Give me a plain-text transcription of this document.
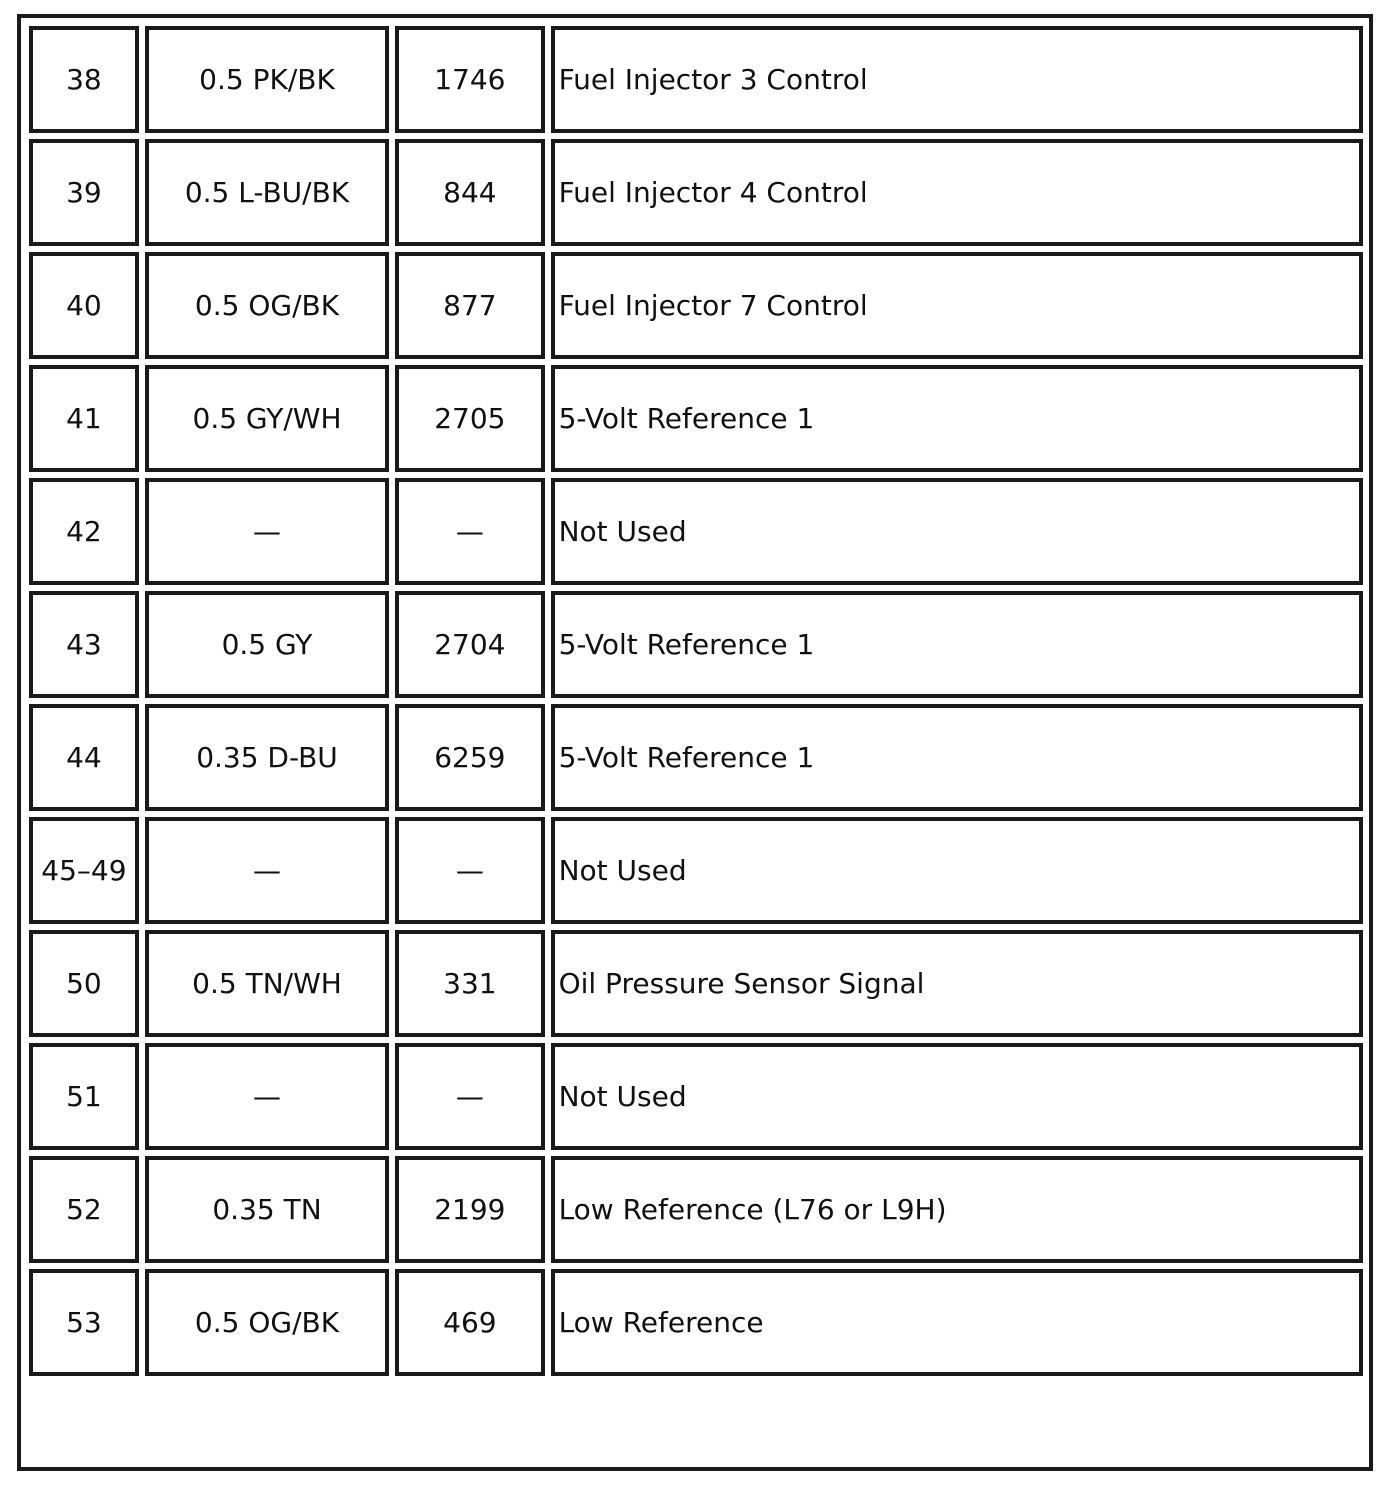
38	0.5 PK/BK	1746	Fuel Injector 3 Control
39	0.5 L-BU/BK	844	Fuel Injector 4 Control
40	0.5 OG/BK	877	Fuel Injector 7 Control
41	0.5 GY/WH	2705	5-Volt Reference 1
42	—	—	Not Used
43	0.5 GY	2704	5-Volt Reference 1
44	0.35 D-BU	6259	5-Volt Reference 1
45–49	—	—	Not Used
50	0.5 TN/WH	331	Oil Pressure Sensor Signal
51	—	—	Not Used
52	0.35 TN	2199	Low Reference (L76 or L9H)
53	0.5 OG/BK	469	Low Reference
